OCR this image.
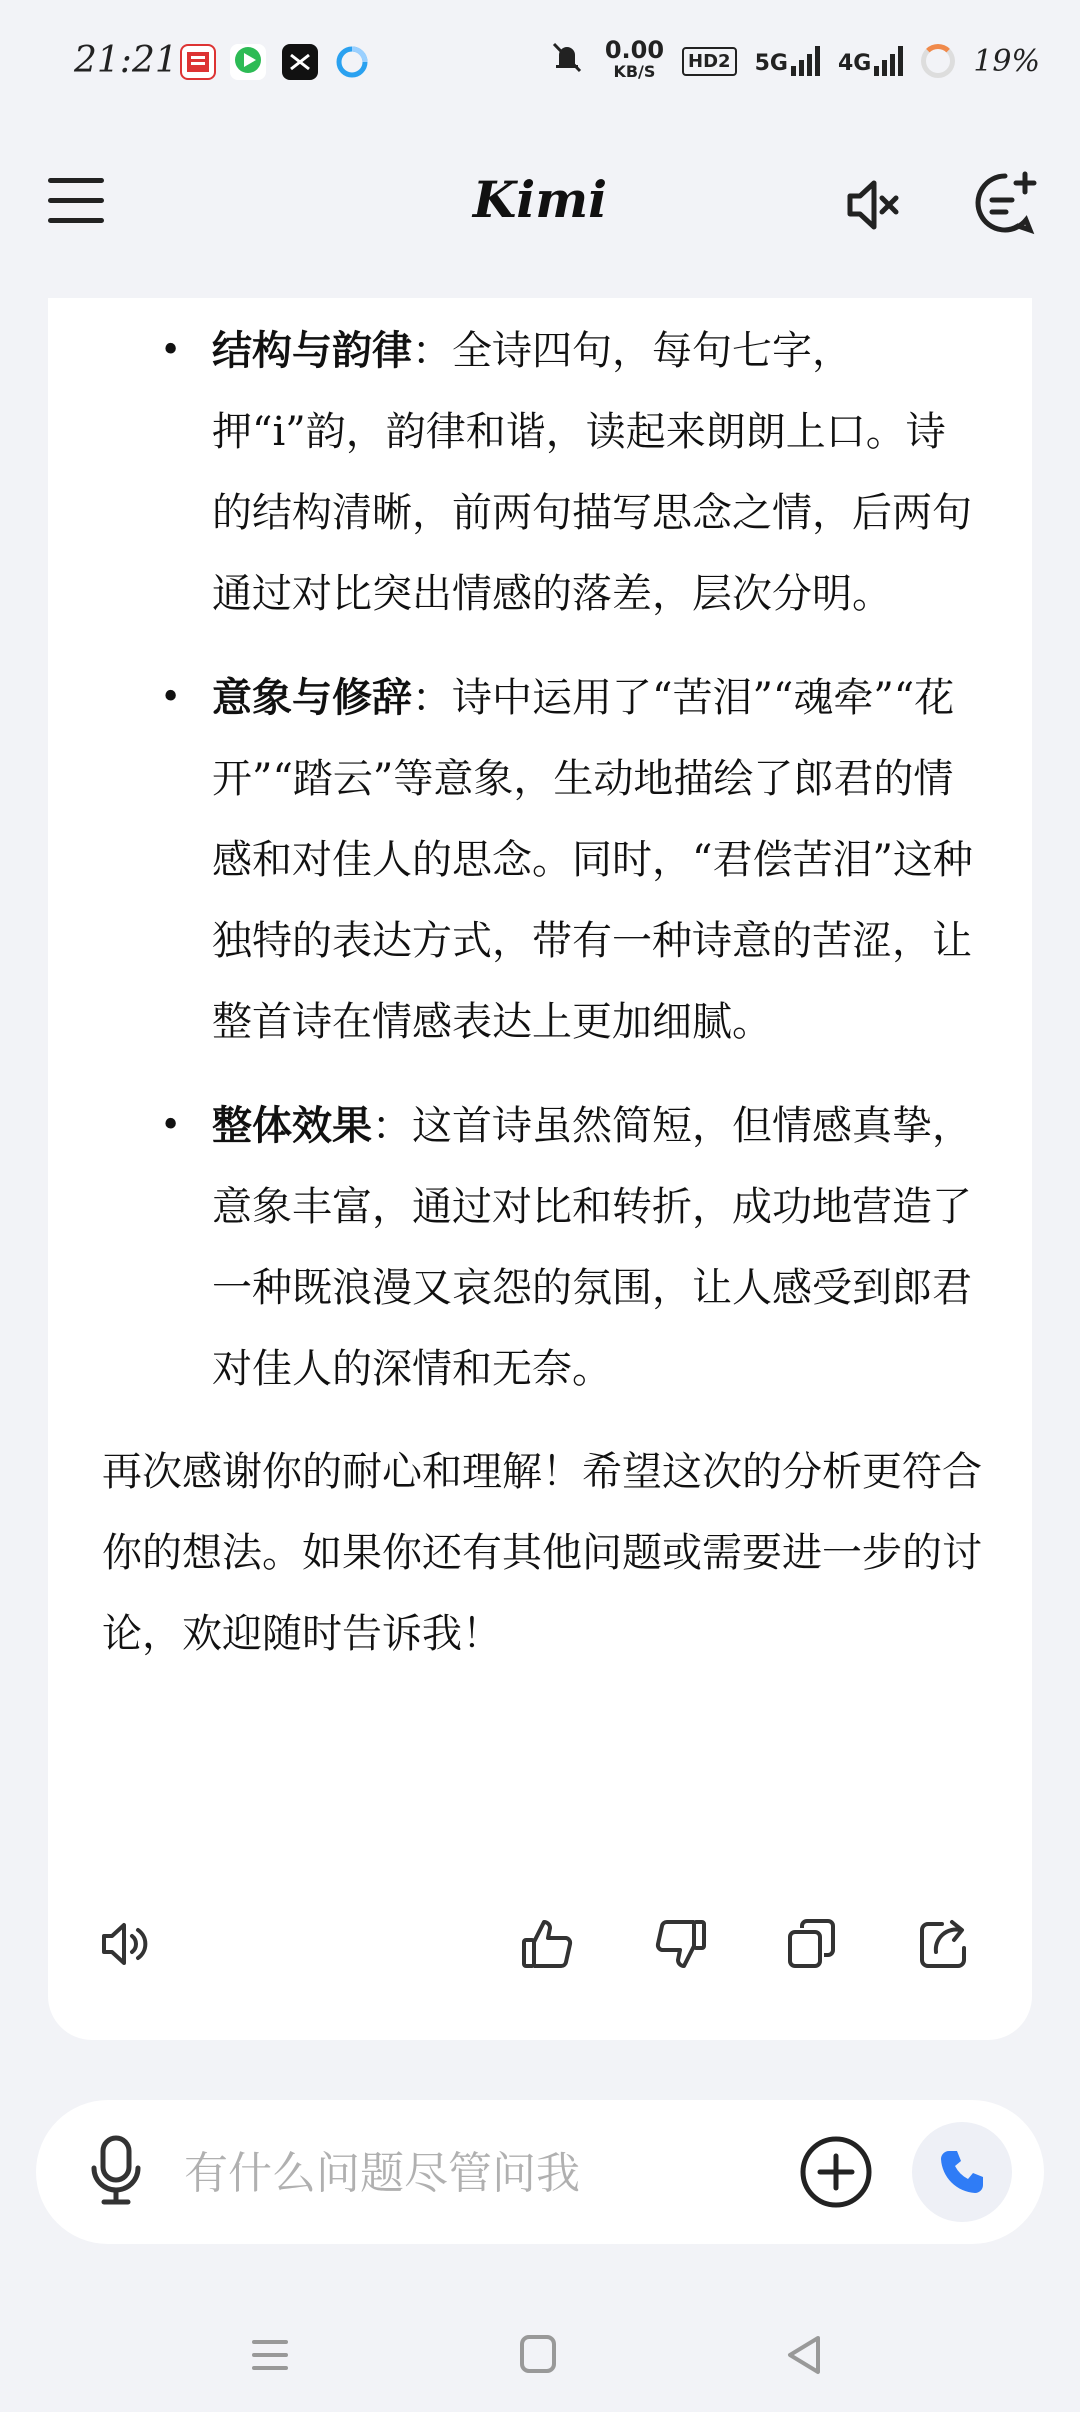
21:21	0.00
KB/S	HD2 5G 4G	19%
Kimi

• 结构与韵律：全诗四句，每句七字，押“i”韵，韵律和谐，读起来朗朗上口。诗的结构清晰，前两句描写思念之情，后两句通过对比突出情感的落差，层次分明。

• 意象与修辞：诗中运用了“苦泪”“魂牵”“花开”“踏云”等意象，生动地描绘了郎君的情感和对佳人的思念。同时，“君偿苦泪”这种独特的表达方式，带有一种诗意的苦涩，让整首诗在情感表达上更加细腻。

• 整体效果：这首诗虽然简短，但情感真挚，意象丰富，通过对比和转折，成功地营造了一种既浪漫又哀怨的氛围，让人感受到郎君对佳人的深情和无奈。

再次感谢你的耐心和理解！希望这次的分析更符合你的想法。如果你还有其他问题或需要进一步的讨论，欢迎随时告诉我！

有什么问题尽管问我
